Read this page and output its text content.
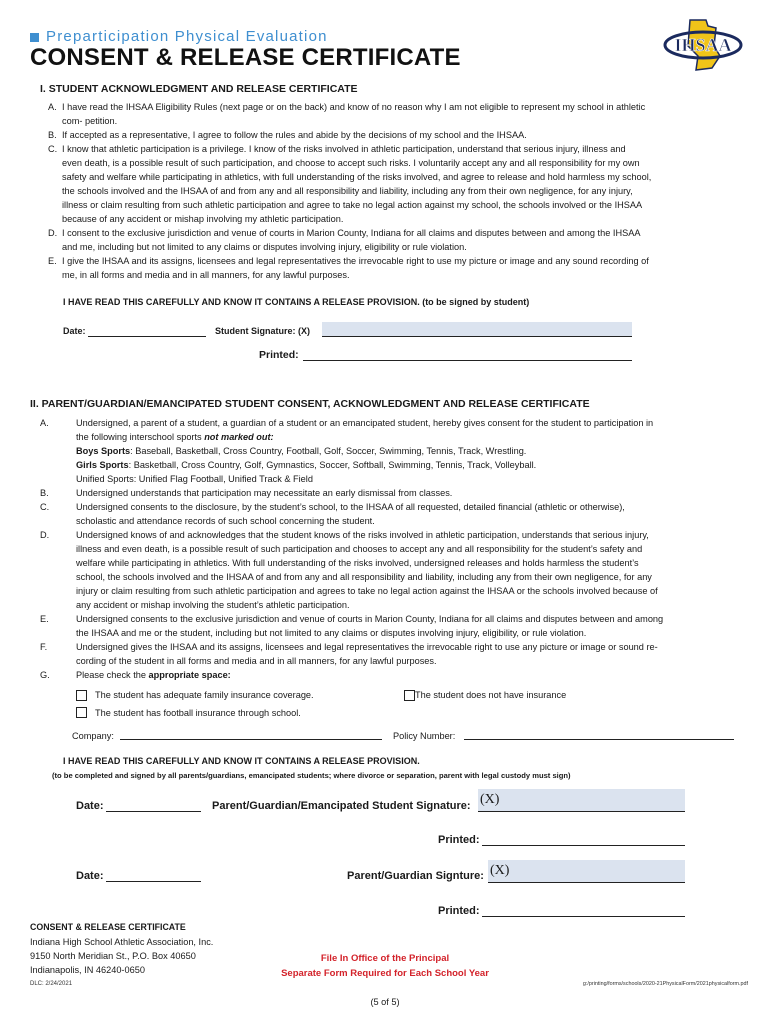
Preparticipation Physical Evaluation
CONSENT & RELEASE CERTIFICATE	IHSAA
I. STUDENT ACKNOWLEDGMENT AND RELEASE CERTIFICATE
A. I have read the IHSAA Eligibility Rules (next page or on the back) and know of no reason why I am not eligible to represent my school in athletic
com- petition.
B. If accepted as a representative, I agree to follow the rules and abide by the decisions of my school and the IHSAA.
C. I know that athletic participation is a privilege. I know of the risks involved in athletic participation, understand that serious injury, illness and
even death, is a possible result of such participation, and choose to accept such risks. I voluntarily accept any and all responsibility for my own
safety and welfare while participating in athletics, with full understanding of the risks involved, and agree to release and hold harmless my school,
the schools involved and the IHSAA of and from any and all responsibility and liability, including any from their own negligence, for any injury,
illness or claim resulting from such athletic participation and agree to take no legal action against my school, the schools involved or the IHSAA
because of any accident or mishap involving my athletic participation.
D. I consent to the exclusive jurisdiction and venue of courts in Marion County, Indiana for all claims and disputes between and among the IHSAA
and me, including but not limited to any claims or disputes involving injury, eligibility or rule violation.
E. I give the IHSAA and its assigns, licensees and legal representatives the irrevocable right to use my picture or image and any sound recording of
me, in all forms and media and in all manners, for any lawful purposes.
I HAVE READ THIS CAREFULLY AND KNOW IT CONTAINS A RELEASE PROVISION. (to be signed by student)
Date:	Student Signature: (X)
Printed:
II. PARENT/GUARDIAN/EMANCIPATED STUDENT CONSENT, ACKNOWLEDGMENT AND RELEASE CERTIFICATE
A.	Undersigned, a parent of a student, a guardian of a student or an emancipated student, hereby gives consent for the student to participation in
the following interschool sports not marked out:
Boys Sports: Baseball, Basketball, Cross Country, Football, Golf, Soccer, Swimming, Tennis, Track, Wrestling.
Girls Sports: Basketball, Cross Country, Golf, Gymnastics, Soccer, Softball, Swimming, Tennis, Track, Volleyball.
Unified Sports: Unified Flag Football, Unified Track & Field
B.	Undersigned understands that participation may necessitate an early dismissal from classes.
C.	Undersigned consents to the disclosure, by the student’s school, to the IHSAA of all requested, detailed financial (athletic or otherwise),
scholastic and attendance records of such school concerning the student.
D.	Undersigned knows of and acknowledges that the student knows of the risks involved in athletic participation, understands that serious injury,
illness and even death, is a possible result of such participation and chooses to accept any and all responsibility for the student’s safety and
welfare while participating in athletics. With full understanding of the risks involved, undersigned releases and holds harmless the student’s
school, the schools involved and the IHSAA of and from any and all responsibility and liability, including any from their own negligence, for any
injury or claim resulting from such athletic participation and agrees to take no legal action against the IHSAA or the schools involved because of
any accident or mishap involving the student’s athletic participation.
E.	Undersigned consents to the exclusive jurisdiction and venue of courts in Marion County, Indiana for all claims and disputes between and among
the IHSAA and me or the student, including but not limited to any claims or disputes involving injury, eligibility, or rule violation.
F.	Undersigned gives the IHSAA and its assigns, licensees and legal representatives the irrevocable right to use any picture or image or sound re-
cording of the student in all forms and media and in all manners, for any lawful purposes.
G.	Please check the appropriate space:
The student has adequate family insurance coverage.	The student does not have insurance
The student has football insurance through school.
Company:	Policy Number:
I HAVE READ THIS CAREFULLY AND KNOW IT CONTAINS A RELEASE PROVISION.
(to be completed and signed by all parents/guardians, emancipated students; where divorce or separation, parent with legal custody must sign)
Date:	Parent/Guardian/Emancipated Student Signature: (X)
Printed:
Date:	Parent/Guardian Signture: (X)
Printed:
CONSENT & RELEASE CERTIFICATE
Indiana High School Athletic Association, Inc.
9150 North Meridian St., P.O. Box 40650
Indianapolis, IN 46240-0650
DLC: 2/24/2021
File In Office of the Principal
Separate Form Required for Each School Year
g:/printing/forms/schools/2020-21PhysicalForm/2021physicalform.pdf
(5 of 5)
